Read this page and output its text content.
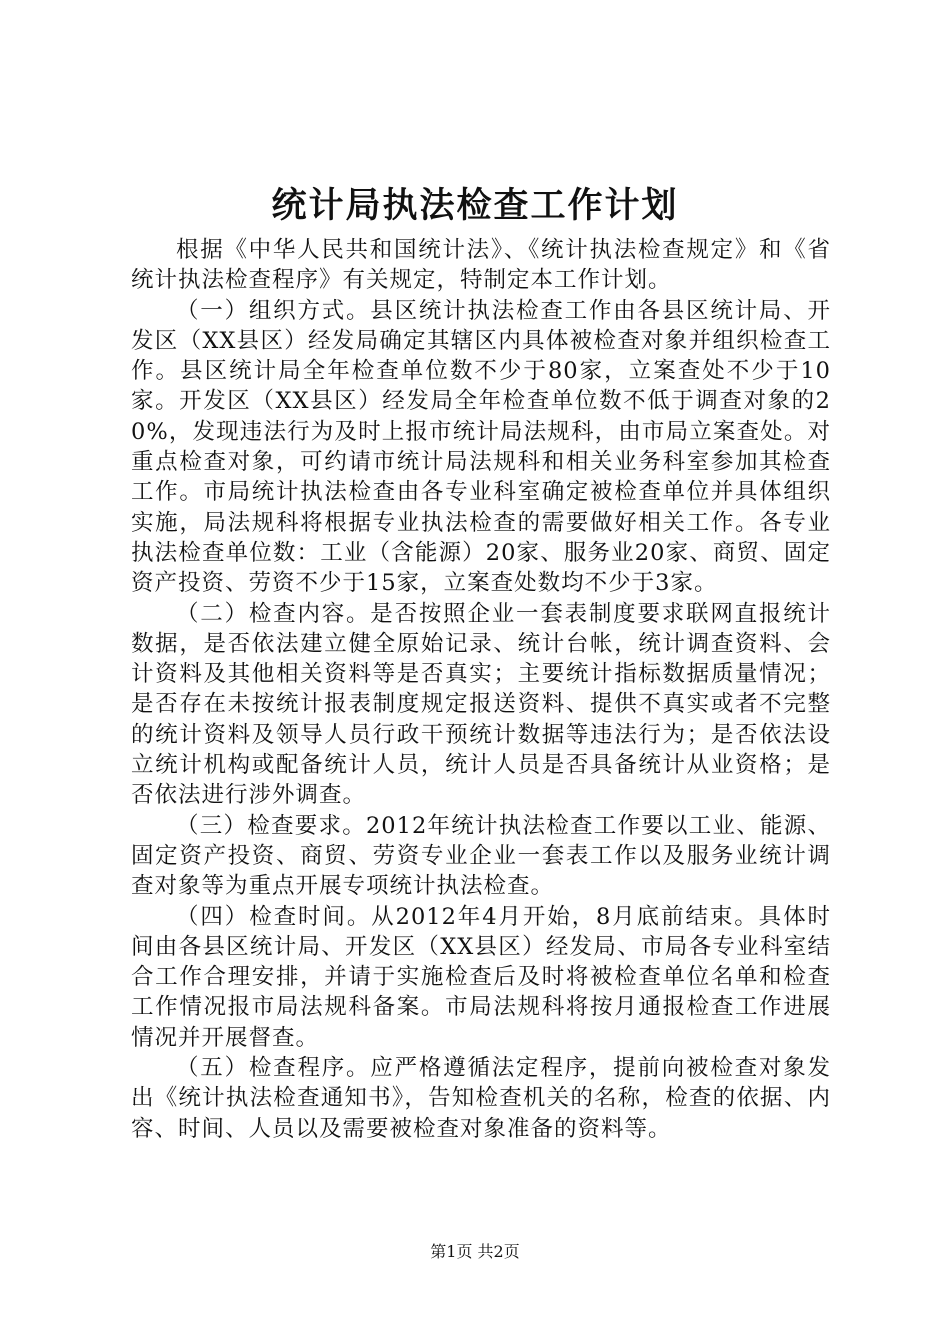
统计局执法检查工作计划

根据《中华人民共和国统计法》、《统计执法检查规定》和《省统计执法检查程序》有关规定，特制定本工作计划。

（一）组织方式。县区统计执法检查工作由各县区统计局、开发区（XX县区）经发局确定其辖区内具体被检查对象并组织检查工作。县区统计局全年检查单位数不少于80家，立案查处不少于10家。开发区（XX县区）经发局全年检查单位数不低于调查对象的20%，发现违法行为及时上报市统计局法规科，由市局立案查处。对重点检查对象，可约请市统计局法规科和相关业务科室参加其检查工作。市局统计执法检查由各专业科室确定被检查单位并具体组织实施，局法规科将根据专业执法检查的需要做好相关工作。各专业执法检查单位数：工业（含能源）20家、服务业20家、商贸、固定资产投资、劳资不少于15家，立案查处数均不少于3家。

（二）检查内容。是否按照企业一套表制度要求联网直报统计数据，是否依法建立健全原始记录、统计台帐，统计调查资料、会计资料及其他相关资料等是否真实；主要统计指标数据质量情况；是否存在未按统计报表制度规定报送资料、提供不真实或者不完整的统计资料及领导人员行政干预统计数据等违法行为；是否依法设立统计机构或配备统计人员，统计人员是否具备统计从业资格；是否依法进行涉外调查。

（三）检查要求。2012年统计执法检查工作要以工业、能源、固定资产投资、商贸、劳资专业企业一套表工作以及服务业统计调查对象等为重点开展专项统计执法检查。

（四）检查时间。从2012年4月开始，8月底前结束。具体时间由各县区统计局、开发区（XX县区）经发局、市局各专业科室结合工作合理安排，并请于实施检查后及时将被检查单位名单和检查工作情况报市局法规科备案。市局法规科将按月通报检查工作进展情况并开展督查。

（五）检查程序。应严格遵循法定程序，提前向被检查对象发出《统计执法检查通知书》，告知检查机关的名称，检查的依据、内容、时间、人员以及需要被检查对象准备的资料等。

第1页 共2页
